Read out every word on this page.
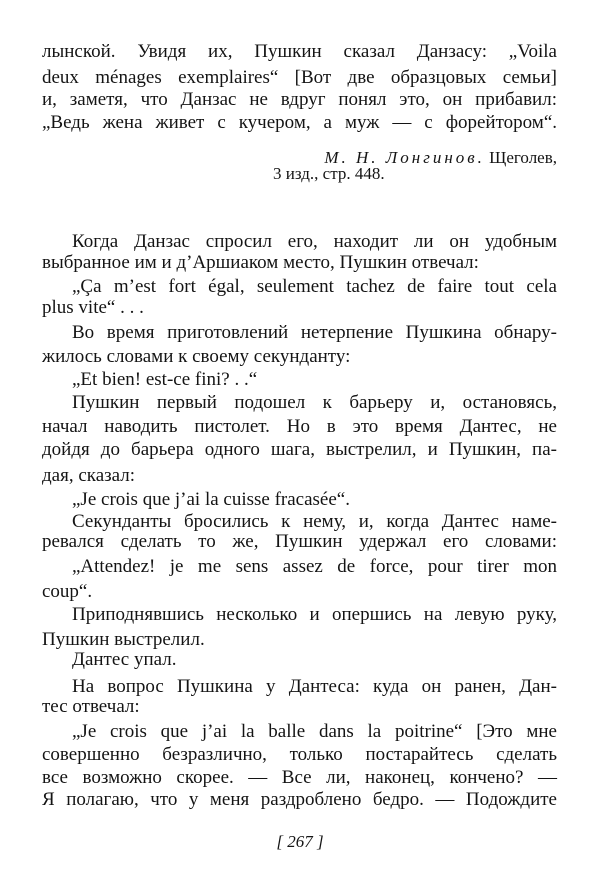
лынской. Увидя их, Пушкин сказал Данзасу: „Voila
deux ménages exemplaires“ [Вот две образцовых семьи]
и, заметя, что Данзас не вдруг понял это, он прибавил:
„Ведь жена живет с кучером, а муж — с форейтором“.
М. Н. Лонгинов. Щеголев,
3 изд., стр. 448.
Когда Данзас спросил его, находит ли он удобным
выбранное им и д’Аршиаком место, Пушкин отвечал:
„Ça m’est fort égal, seulement tachez de faire tout cela
plus vite“ . . .
Во время приготовлений нетерпение Пушкина обнару-
жилось словами к своему секунданту:
„Et bien! est-ce fini? . .“
Пушкин первый подошел к барьеру и, остановясь,
начал наводить пистолет. Но в это время Дантес, не
дойдя до барьера одного шага, выстрелил, и Пушкин, па-
дая, сказал:
„Je crois que j’ai la cuisse fracasée“.
Секунданты бросились к нему, и, когда Дантес наме-
ревался сделать то же, Пушкин удержал его словами:
„Attendez! je me sens assez de force, pour tirer mon
coup“.
Приподнявшись несколько и опершись на левую руку,
Пушкин выстрелил.
Дантес упал.
На вопрос Пушкина у Дантеса: куда он ранен, Дан-
тес отвечал:
„Je crois que j’ai la balle dans la poitrine“ [Это мне
совершенно безразлично, только постарайтесь сделать
все возможно скорее. — Все ли, наконец, кончено? —
Я полагаю, что у меня раздроблено бедро. — Подождите
[ 267 ]
